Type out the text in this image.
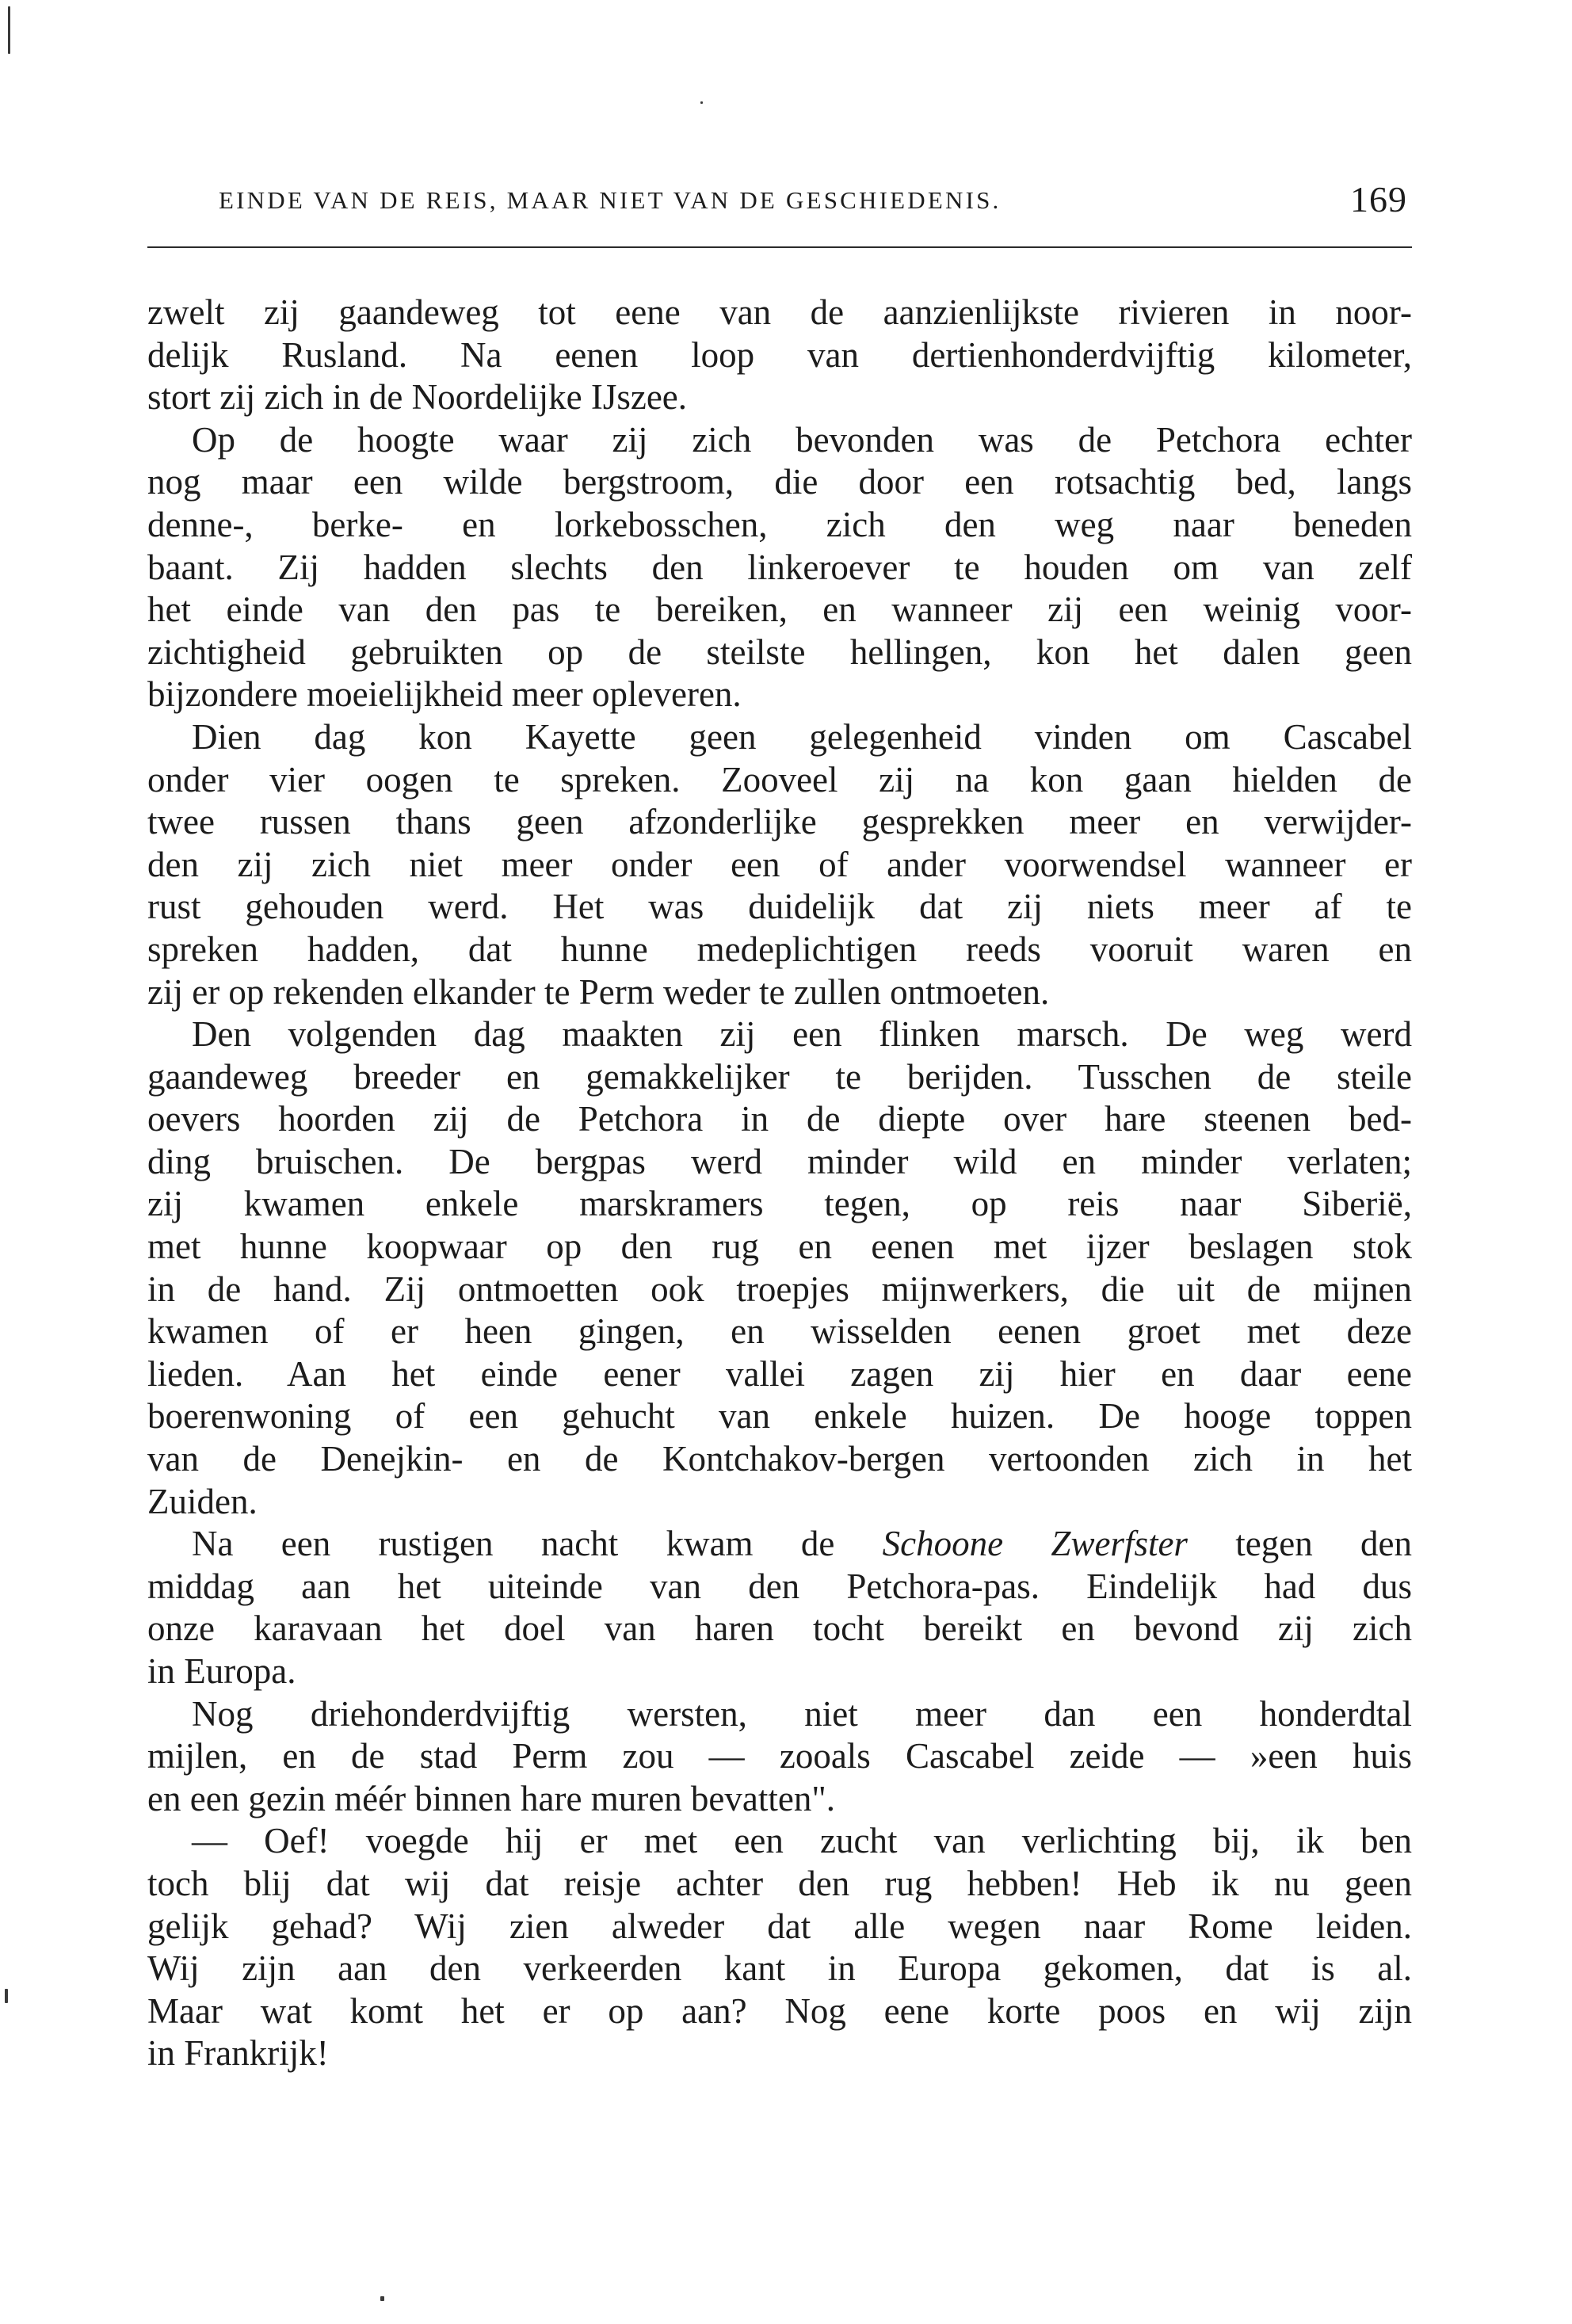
EINDE VAN DE REIS, MAAR NIET VAN DE GESCHIEDENIS.	169
zwelt zij gaandeweg tot eene van de aanzienlijkste rivieren in noor-
delijk Rusland. Na eenen loop van dertienhonderdvijftig kilometer,
stort zij zich in de Noordelijke IJszee.
Op de hoogte waar zij zich bevonden was de Petchora echter
nog maar een wilde bergstroom, die door een rotsachtig bed, langs
denne-, berke- en lorkebosschen, zich den weg naar beneden
baant. Zij hadden slechts den linkeroever te houden om van zelf
het einde van den pas te bereiken, en wanneer zij een weinig voor-
zichtigheid gebruikten op de steilste hellingen, kon het dalen geen
bijzondere moeielijkheid meer opleveren.
Dien dag kon Kayette geen gelegenheid vinden om Cascabel
onder vier oogen te spreken. Zooveel zij na kon gaan hielden de
twee russen thans geen afzonderlijke gesprekken meer en verwijder-
den zij zich niet meer onder een of ander voorwendsel wanneer er
rust gehouden werd. Het was duidelijk dat zij niets meer af te
spreken hadden, dat hunne medeplichtigen reeds vooruit waren en
zij er op rekenden elkander te Perm weder te zullen ontmoeten.
Den volgenden dag maakten zij een flinken marsch. De weg werd
gaandeweg breeder en gemakkelijker te berijden. Tusschen de steile
oevers hoorden zij de Petchora in de diepte over hare steenen bed-
ding bruischen. De bergpas werd minder wild en minder verlaten;
zij kwamen enkele marskramers tegen, op reis naar Siberië,
met hunne koopwaar op den rug en eenen met ijzer beslagen stok
in de hand. Zij ontmoetten ook troepjes mijnwerkers, die uit de mijnen
kwamen of er heen gingen, en wisselden eenen groet met deze
lieden. Aan het einde eener vallei zagen zij hier en daar eene
boerenwoning of een gehucht van enkele huizen. De hooge toppen
van de Denejkin- en de Kontchakov-bergen vertoonden zich in het
Zuiden.
Na een rustigen nacht kwam de Schoone Zwerfster tegen den
middag aan het uiteinde van den Petchora-pas. Eindelijk had dus
onze karavaan het doel van haren tocht bereikt en bevond zij zich
in Europa.
Nog driehonderdvijftig wersten, niet meer dan een honderdtal
mijlen, en de stad Perm zou — zooals Cascabel zeide — »een huis
en een gezin méér binnen hare muren bevatten".
— Oef! voegde hij er met een zucht van verlichting bij, ik ben
toch blij dat wij dat reisje achter den rug hebben! Heb ik nu geen
gelijk gehad? Wij zien alweder dat alle wegen naar Rome leiden.
Wij zijn aan den verkeerden kant in Europa gekomen, dat is al.
Maar wat komt het er op aan? Nog eene korte poos en wij zijn
in Frankrijk!
